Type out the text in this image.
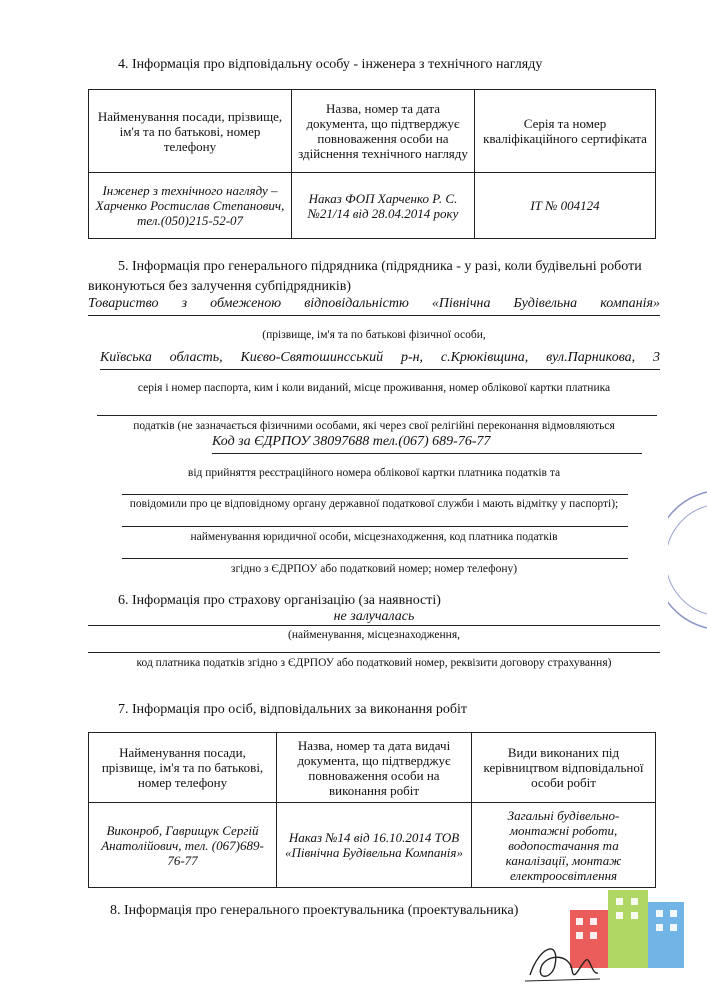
4. Інформація про відповідальну особу - інженера з технічного нагляду
Найменування посади, прізвище, ім'я та по батькові, номер телефону	Назва, номер та дата документа, що підтверджує повноваження особи на здійснення технічного нагляду	Серія та номер кваліфікаційного сертифіката
Інженер з технічного нагляду – Харченко Ростислав Степанович, тел.(050)215-52-07	Наказ ФОП Харченко Р. С. №21/14 від 28.04.2014 року	ІТ № 004124
5. Інформація про генерального підрядника (підрядника - у разі, коли будівельні роботи виконуються без залучення субпідрядників)
Товариство з обмеженою відповідальністю «Північна Будівельна компанія»
(прізвище, ім'я та по батькові фізичної особи,
Київська область, Києво-Святошинсський р-н, с.Крюківщина, вул.Парникова, 3
серія і номер паспорта, ким і коли виданий, місце проживання, номер облікової картки платника
податків (не зазначається фізичними особами, які через свої релігійні переконання відмовляються
Код за ЄДРПОУ 38097688 тел.(067) 689-76-77
від прийняття реєстраційного номера облікової картки платника податків та
повідомили про це відповідному органу державної податкової служби і мають відмітку у паспорті);
найменування юридичної особи, місцезнаходження, код платника податків
згідно з ЄДРПОУ або податковий номер; номер телефону)
6. Інформація про страхову організацію (за наявності)
не залучалась
(найменування, місцезнаходження,
код платника податків згідно з ЄДРПОУ або податковий номер, реквізити договору страхування)
7. Інформація про осіб, відповідальних за виконання робіт
Найменування посади, прізвище, ім'я та по батькові, номер телефону	Назва, номер та дата видачі документа, що підтверджує повноваження особи на виконання робіт	Види виконаних під керівництвом відповідальної особи робіт
Виконроб, Гаврищук Сергій Анатолійович, тел. (067)689-76-77	Наказ №14 від 16.10.2014 ТОВ «Північна Будівельна Компанія»	Загальні будівельно-монтажні роботи, водопостачання та каналізації, монтаж електроосвітлення
8. Інформація про генерального проектувальника (проектувальника)
